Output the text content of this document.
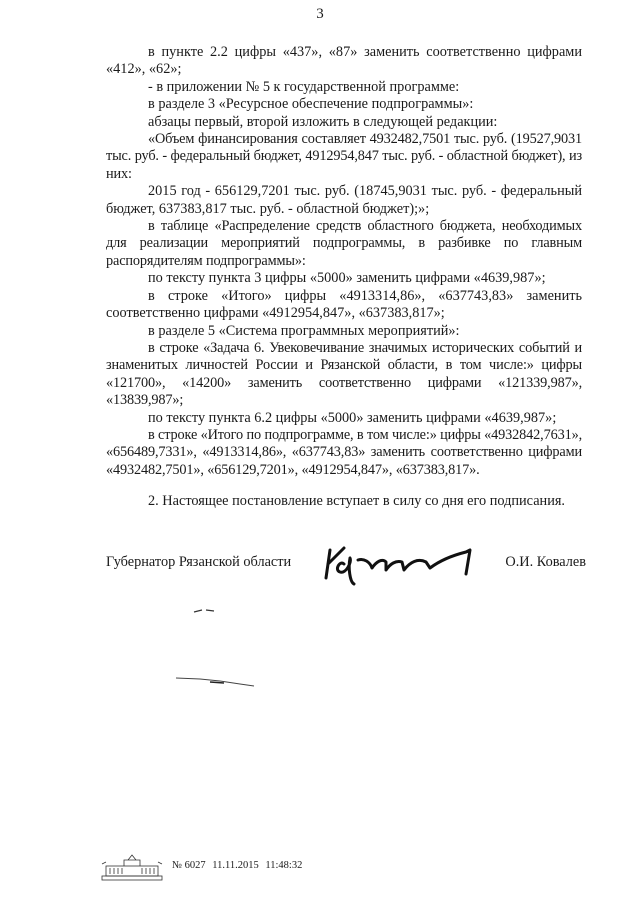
3

в пункте 2.2 цифры «437», «87» заменить соответственно цифрами «412», «62»;

- в приложении № 5 к государственной программе:

в разделе 3 «Ресурсное обеспечение подпрограммы»:

абзацы первый, второй изложить в следующей редакции:

«Объем финансирования составляет 4932482,7501 тыс. руб. (19527,9031 тыс. руб. - федеральный бюджет, 4912954,847 тыс. руб. - областной бюджет), из них:

2015 год - 656129,7201 тыс. руб. (18745,9031 тыс. руб. - федеральный бюджет, 637383,817 тыс. руб. - областной бюджет);»;

в таблице «Распределение средств областного бюджета, необходимых для реализации мероприятий подпрограммы, в разбивке по главным распорядителям подпрограммы»:

по тексту пункта 3 цифры «5000» заменить цифрами «4639,987»;

в строке «Итого» цифры «4913314,86», «637743,83» заменить соответственно цифрами «4912954,847», «637383,817»;

в разделе 5 «Система программных мероприятий»:

в строке «Задача 6. Увековечивание значимых исторических событий и знаменитых личностей России и Рязанской области, в том числе:» цифры «121700», «14200» заменить соответственно цифрами «121339,987», «13839,987»;

по тексту пункта 6.2 цифры «5000» заменить цифрами «4639,987»;

в строке «Итого по подпрограмме, в том числе:» цифры «4932842,7631», «656489,7331», «4913314,86», «637743,83» заменить соответственно цифрами «4932482,7501», «656129,7201», «4912954,847», «637383,817».

2. Настоящее постановление вступает в силу со дня его подписания.

Губернатор Рязанской области	О.И. Ковалев
№ 6027 11.11.2015 11:48:32
